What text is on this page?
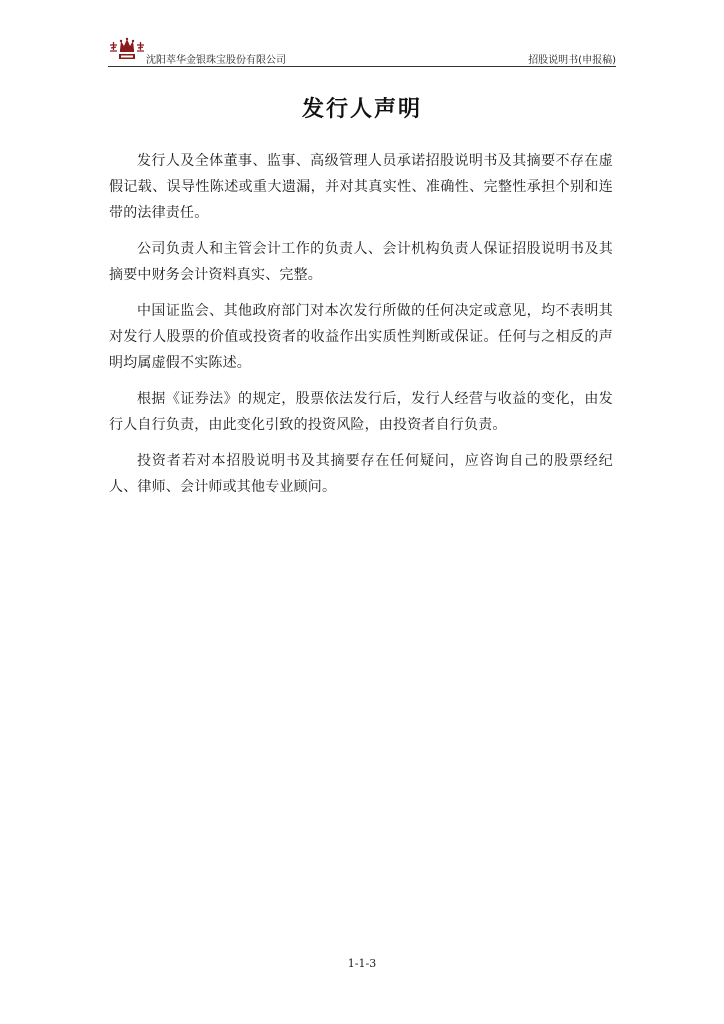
沈阳萃华金银珠宝股份有限公司	招股说明书(申报稿)
发行人声明

发行人及全体董事、监事、高级管理人员承诺招股说明书及其摘要不存在虚假记载、误导性陈述或重大遗漏，并对其真实性、准确性、完整性承担个别和连带的法律责任。

公司负责人和主管会计工作的负责人、会计机构负责人保证招股说明书及其摘要中财务会计资料真实、完整。

中国证监会、其他政府部门对本次发行所做的任何决定或意见，均不表明其对发行人股票的价值或投资者的收益作出实质性判断或保证。任何与之相反的声明均属虚假不实陈述。

根据《证券法》的规定，股票依法发行后，发行人经营与收益的变化，由发行人自行负责，由此变化引致的投资风险，由投资者自行负责。

投资者若对本招股说明书及其摘要存在任何疑问，应咨询自己的股票经纪人、律师、会计师或其他专业顾问。

1-1-3
